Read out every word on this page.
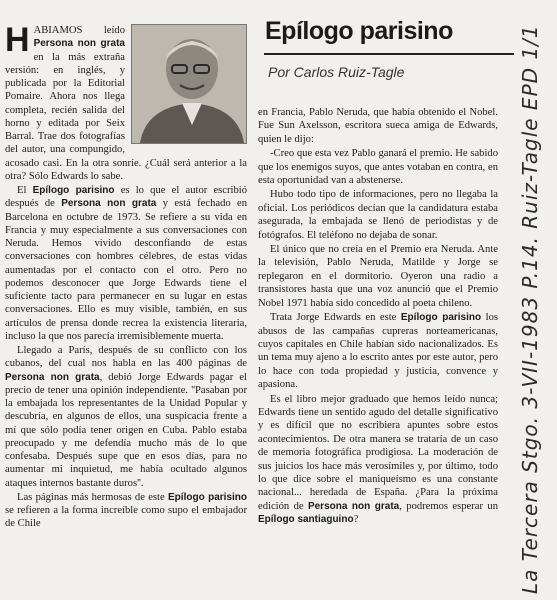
HABIAMOS leído Persona non grata en la más extraña versión: en inglés, y publicada por la Editorial Pomaire. Ahora nos llega completa, recién salida del horno y editada por Seix Barral. Trae dos fotografías del autor, una compungido, acosado casi. En la otra sonríe. ¿Cuál será anterior a la otra? Sólo Edwards lo sabe.

El Epílogo parisino es lo que el autor escribió después de Persona non grata y está fechado en Barcelona en octubre de 1973. Se refiere a su vida en Francia y muy especialmente a sus conversaciones con Neruda. Hemos vivido desconfiando de estas conversaciones con hombres célebres, de estas vidas aumentadas por el contacto con el otro. Pero no podemos desconocer que Jorge Edwards tiene el suficiente tacto para permanecer en su lugar en estas conversaciones. Ello es muy visible, también, en sus artículos de prensa donde recrea la existencia literaria, incluso la que nos parecía irremisiblemente muerta.

Llegado a París, después de su conflicto con los cubanos, del cual nos habla en las 400 páginas de Persona non grata, debió Jorge Edwards pagar el precio de tener una opinión independiente. ''Pasaban por la embajada los representantes de la Unidad Popular y descubría, en algunos de ellos, una suspicacia frente a mí que sólo podía tener origen en Cuba. Pablo estaba preocupado y me defendía mucho más de lo que confesaba. Después supe que en esos días, para no aumentar mi inquietud, me había ocultado algunos ataques internos bastante duros''.

Las páginas más hermosas de este Epílogo parisino se refieren a la forma increíble como supo el embajador de Chile

Epílogo parisino
Por Carlos Ruiz-Tagle

en Francia, Pablo Neruda, que había obtenido el Nobel. Fue Sun Axelsson, escritora sueca amiga de Edwards, quien le dijo:

-Creo que esta vez Pablo ganará el premio. He sabido que los enemigos suyos, que antes votaban en contra, en esta oportunidad van a abstenerse.

Hubo todo tipo de informaciones, pero no llegaba la oficial. Los periódicos decían que la candidatura estaba asegurada, la embajada se llenó de periodistas y de fotógrafos. El teléfono no dejaba de sonar.

El único que no creía en el Premio era Neruda. Ante la televisión, Pablo Neruda, Matilde y Jorge se replegaron en el dormitorio. Oyeron una radio a transistores hasta que una voz anunció que el Premio Nobel 1971 había sido concedido al poeta chileno.

Trata Jorge Edwards en este Epílogo parisino los abusos de las campañas cupreras norteamericanas, cuyos capitales en Chile habían sido nacionalizados. Es un tema muy ajeno a lo escrito antes por este autor, pero lo hace con toda propiedad y justicia, convence y apasiona.

Es el libro mejor graduado que hemos leído nunca; Edwards tiene un sentido agudo del detalle significativo y es difícil que no escribiera apuntes sobre estos acontecimientos. De otra manera se trataría de un caso de memoria fotográfica prodigiosa. La moderación de sus juicios los hace más verosímiles y, por último, todo lo que dice sobre el maniqueísmo es una constante nacional... heredada de España. ¿Para la próxima edición de Persona non grata, podremos esperar un Epílogo santiaguino?	La Tercera Stgo. 3-VII-1983 P.14. Ruiz-Tagle EPD 1/1
